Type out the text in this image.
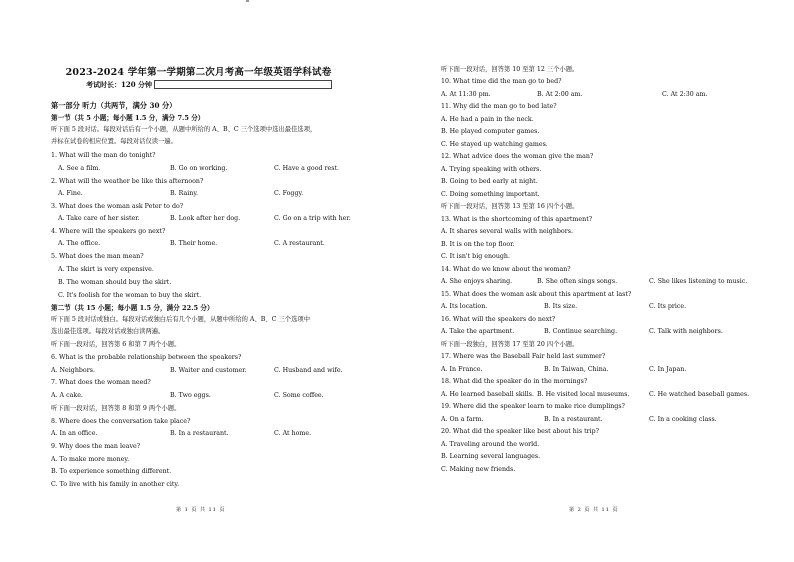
2023-2024 学年第一学期第二次月考高一年级英语学科试卷
考试时长：120 分钟
第一部分 听力（共两节，满分 30 分）
第一节（共 5 小题；每小题 1.5 分，满分 7.5 分）
听下面 5 段对话。每段对话后有一个小题，从题中所给的 A、B、C 三个选项中选出最佳选项，
并标在试卷的相应位置。每段对话仅读一遍。
1. What will the man do tonight?
A. See a film.	B. Go on working.	C. Have a good rest.
2. What will the weather be like this afternoon?
A. Fine.	B. Rainy.	C. Foggy.
3. What does the woman ask Peter to do?
A. Take care of her sister.	B. Look after her dog.	C. Go on a trip with her.
4. Where will the speakers go next?
A. The office.	B. Their home.	C. A restaurant.
5. What does the man mean?
A. The skirt is very expensive.
B. The woman should buy the skirt.
C. It's foolish for the woman to buy the skirt.
第二节（共 15 小题；每小题 1.5 分，满分 22.5 分）
听下面 5 段对话或独白。每段对话或独白后有几个小题，从题中所给的 A、B、C 三个选项中
选出最佳选项。每段对话或独白读两遍。
听下面一段对话，回答第 6 和第 7 两个小题。
6. What is the probable relationship between the speakers?
A. Neighbors.	B. Waiter and customer.	C. Husband and wife.
7. What does the woman need?
A. A cake.	B. Two eggs.	C. Some coffee.
听下面一段对话，回答第 8 和第 9 两个小题。
8. Where does the conversation take place?
A. In an office.	B. In a restaurant.	C. At home.
9. Why does the man leave?
A. To make more money.
B. To experience something different.
C. To live with his family in another city.
第 1 页 共 11 页
听下面一段对话，回答第 10 至第 12 三个小题。
10. What time did the man go to bed?
A. At 11:30 pm.	B. At 2:00 am.	C. At 2:30 am.
11. Why did the man go to bed late?
A. He had a pain in the neck.
B. He played computer games.
C. He stayed up watching games.
12. What advice does the woman give the man?
A. Trying speaking with others.
B. Going to bed early at night.
C. Doing something important.
听下面一段对话，回答第 13 至第 16 四个小题。
13. What is the shortcoming of this apartment?
A. It shares several walls with neighbors.
B. It is on the top floor.
C. It isn't big enough.
14. What do we know about the woman?
A. She enjoys sharing.	B. She often sings songs.	C. She likes listening to music.
15. What does the woman ask about this apartment at last?
A. Its location.	B. Its size.	C. Its price.
16. What will the speakers do next?
A. Take the apartment.	B. Continue searching.	C. Talk with neighbors.
听下面一段独白，回答第 17 至第 20 四个小题。
17. Where was the Baseball Fair held last summer?
A. In France.	B. In Taiwan, China.	C. In Japan.
18. What did the speaker do in the mornings?
A. He learned baseball skills. B. He visited local museums.	C. He watched baseball games.
19. Where did the speaker learn to make rice dumplings?
A. On a farm.	B. In a restaurant.	C. In a cooking class.
20. What did the speaker like best about his trip?
A. Traveling around the world.
B. Learning several languages.
C. Making new friends.
第 2 页 共 11 页
